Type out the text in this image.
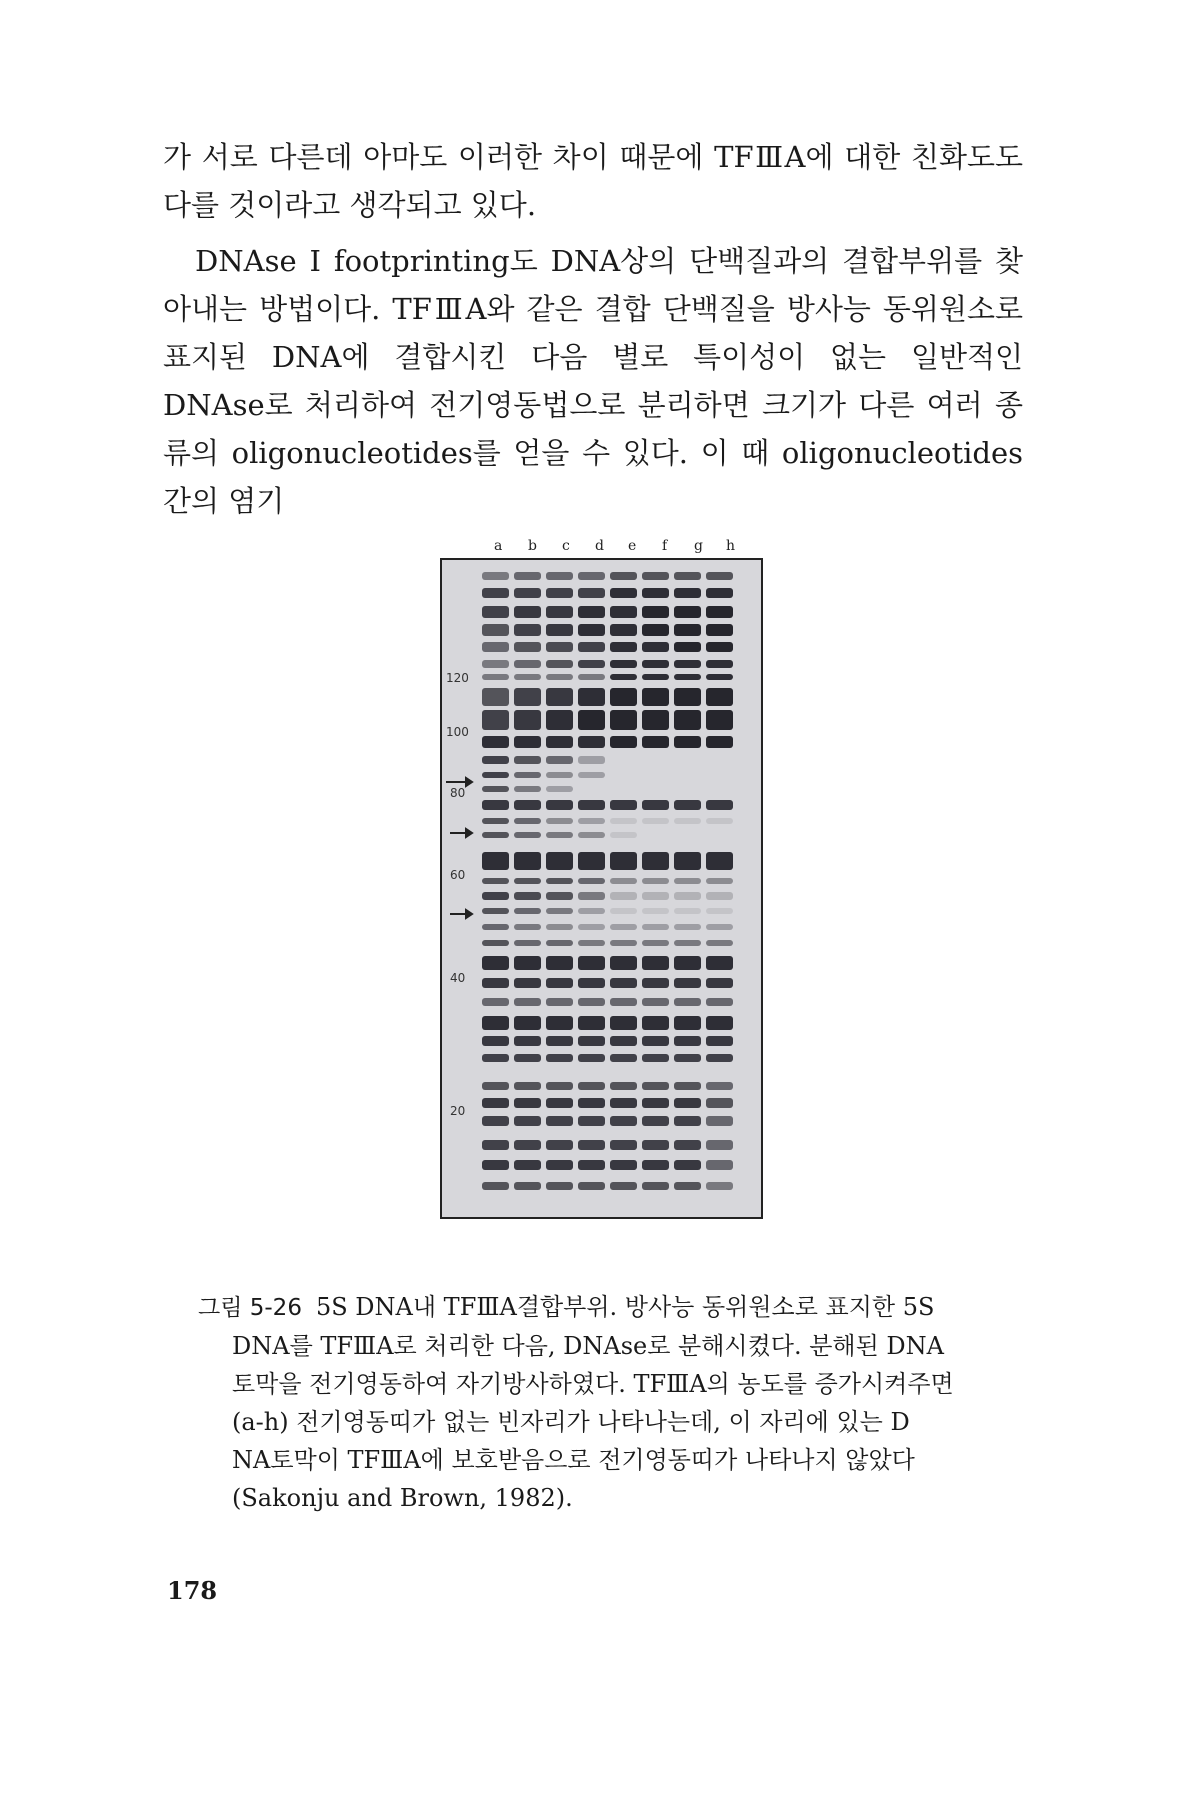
가 서로 다른데 아마도 이러한 차이 때문에 TFⅢA에 대한 친화도도 다를 것이라고 생각되고 있다.

DNAse I footprinting도 DNA상의 단백질과의 결합부위를 찾아내는 방법이다. TFⅢA와 같은 결합 단백질을 방사능 동위원소로 표지된 DNA에 결합시킨 다음 별로 특이성이 없는 일반적인 DNAse로 처리하여 전기영동법으로 분리하면 크기가 다른 여러 종류의 oligonucleotides를 얻을 수 있다. 이 때 oligonucleotides간의 염기

a b c d e f g h
120
100
80
60
40
20
그림 5-26 5S DNA내 TFⅢA결합부위. 방사능 동위원소로 표지한 5S
DNA를 TFⅢA로 처리한 다음, DNAse로 분해시켰다. 분해된 DNA
토막을 전기영동하여 자기방사하였다. TFⅢA의 농도를 증가시켜주면
(a-h) 전기영동띠가 없는 빈자리가 나타나는데, 이 자리에 있는 D
NA토막이 TFⅢA에 보호받음으로 전기영동띠가 나타나지 않았다
(Sakonju and Brown, 1982).
178
